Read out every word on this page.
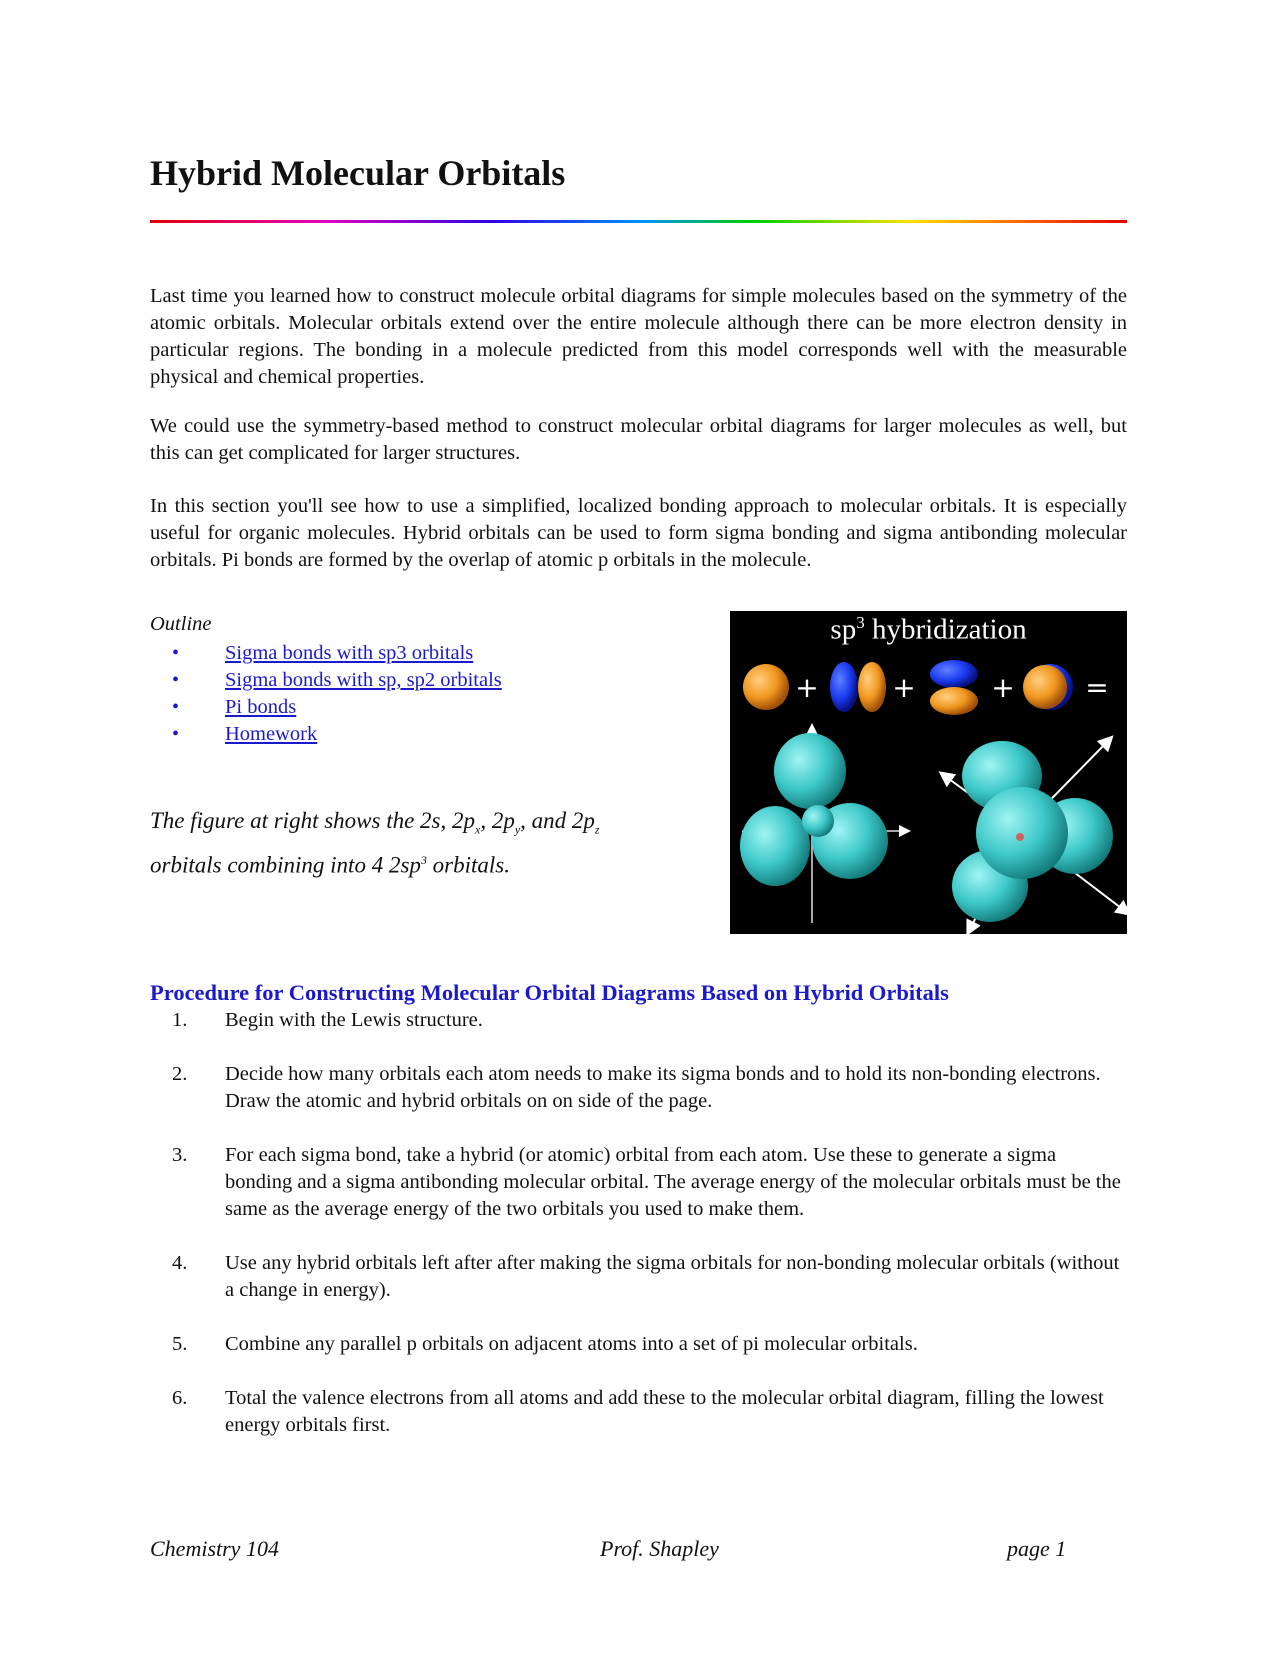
Hybrid Molecular Orbitals

Last time you learned how to construct molecule orbital diagrams for simple molecules based on the symmetry of the atomic orbitals. Molecular orbitals extend over the entire molecule although there can be more electron density in particular regions. The bonding in a molecule predicted from this model corresponds well with the measurable physical and chemical properties.

We could use the symmetry-based method to construct molecular orbital diagrams for larger molecules as well, but this can get complicated for larger structures.

In this section you'll see how to use a simplified, localized bonding approach to molecular orbitals. It is especially useful for organic molecules. Hybrid orbitals can be used to form sigma bonding and sigma antibonding molecular orbitals. Pi bonds are formed by the overlap of atomic p orbitals in the molecule.

Outline
• Sigma bonds with sp3 orbitals
• Sigma bonds with sp, sp2 orbitals
• Pi bonds
• Homework

The figure at right shows the 2s, $2p_x$, $2p_y$, and $2p_z$
orbitals combining into 4 $2sp^3$ orbitals.

$sp^3$ hybridization
+	+	+	=
Procedure for Constructing Molecular Orbital Diagrams Based on Hybrid Orbitals
1. Begin with the Lewis structure.
2. Decide how many orbitals each atom needs to make its sigma bonds and to hold its non-bonding electrons. Draw the atomic and hybrid orbitals on on side of the page.
3. For each sigma bond, take a hybrid (or atomic) orbital from each atom. Use these to generate a sigma bonding and a sigma antibonding molecular orbital. The average energy of the molecular orbitals must be the same as the average energy of the two orbitals you used to make them.
4. Use any hybrid orbitals left after after making the sigma orbitals for non-bonding molecular orbitals (without a change in energy).
5. Combine any parallel p orbitals on adjacent atoms into a set of pi molecular orbitals.
6. Total the valence electrons from all atoms and add these to the molecular orbital diagram, filling the lowest energy orbitals first.
Chemistry 104	Prof. Shapley	page 1
